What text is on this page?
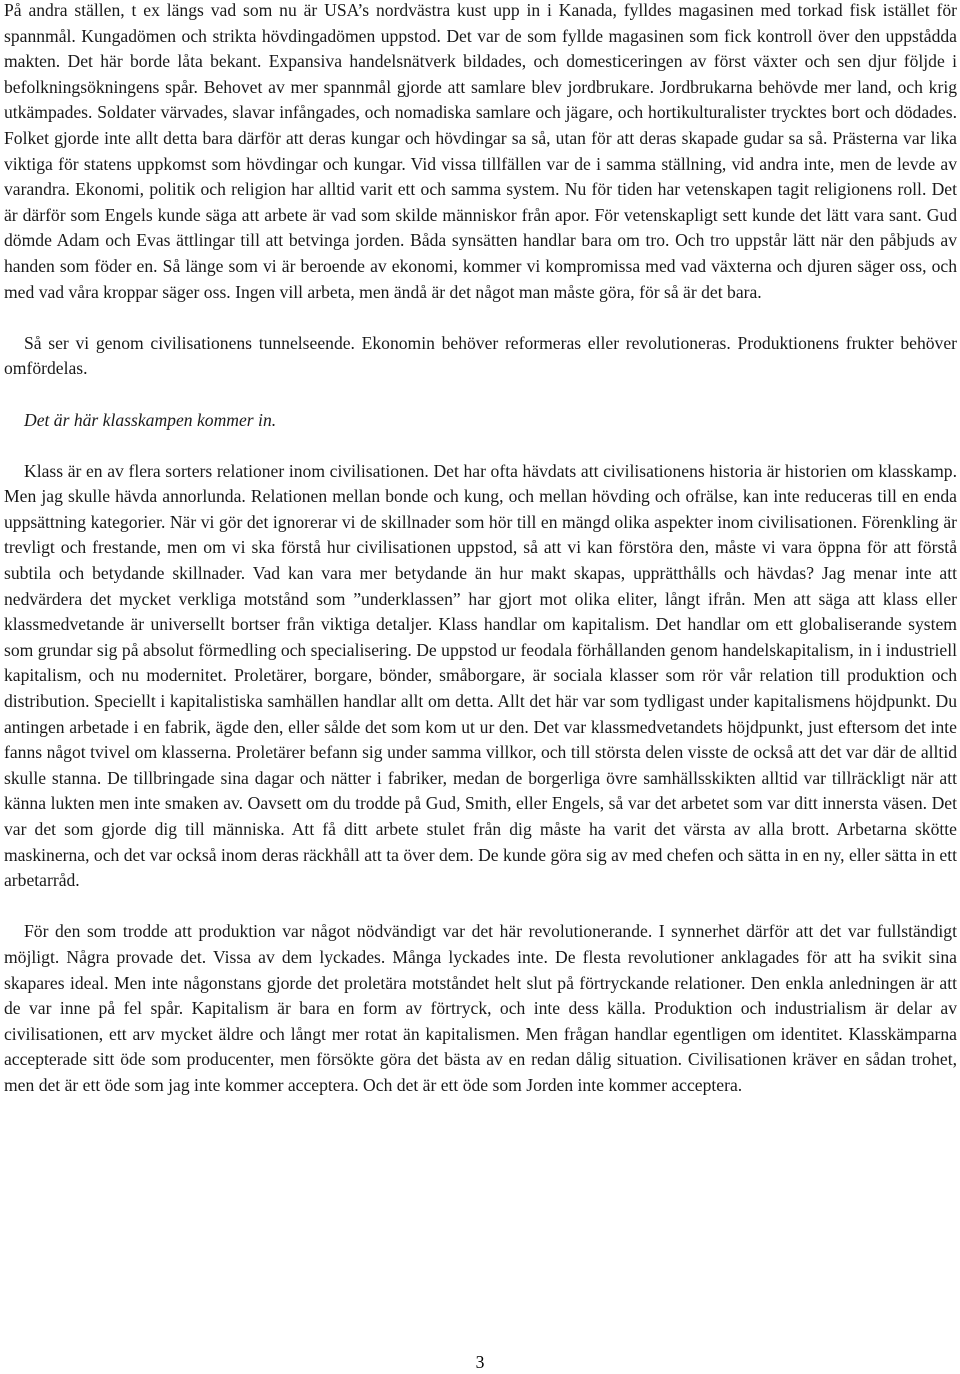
På andra ställen, t ex längs vad som nu är USA’s nordvästra kust upp in i Kanada, fylldes magasinen med torkad fisk istället för spannmål. Kungadömen och strikta hövdingadömen uppstod. Det var de som fyllde magasinen som fick kontroll över den uppstådda makten. Det här borde låta bekant. Expansiva handelsnätverk bildades, och domesticeringen av först växter och sen djur följde i befolkningsökningens spår. Behovet av mer spannmål gjorde att samlare blev jordbrukare. Jordbrukarna behövde mer land, och krig utkämpades. Soldater värvades, slavar infångades, och nomadiska samlare och jägare, och hortikulturalister trycktes bort och dödades. Folket gjorde inte allt detta bara därför att deras kungar och hövdingar sa så, utan för att deras skapade gudar sa så. Prästerna var lika viktiga för statens uppkomst som hövdingar och kungar. Vid vissa tillfällen var de i samma ställning, vid andra inte, men de levde av varandra. Ekonomi, politik och religion har alltid varit ett och samma system. Nu för tiden har vetenskapen tagit religionens roll. Det är därför som Engels kunde säga att arbete är vad som skilde människor från apor. För vetenskapligt sett kunde det lätt vara sant. Gud dömde Adam och Evas ättlingar till att betvinga jorden. Båda synsätten handlar bara om tro. Och tro uppstår lätt när den påbjuds av handen som föder en. Så länge som vi är beroende av ekonomi, kommer vi kompromissa med vad växterna och djuren säger oss, och med vad våra kroppar säger oss. Ingen vill arbeta, men ändå är det något man måste göra, för så är det bara.

Så ser vi genom civilisationens tunnelseende. Ekonomin behöver reformeras eller revolutioneras. Produktionens frukter behöver omfördelas.

Det är här klasskampen kommer in.

Klass är en av flera sorters relationer inom civilisationen. Det har ofta hävdats att civilisationens historia är historien om klasskamp. Men jag skulle hävda annorlunda. Relationen mellan bonde och kung, och mellan hövding och ofrälse, kan inte reduceras till en enda uppsättning kategorier. När vi gör det ignorerar vi de skillnader som hör till en mängd olika aspekter inom civilisationen. Förenkling är trevligt och frestande, men om vi ska förstå hur civilisationen uppstod, så att vi kan förstöra den, måste vi vara öppna för att förstå subtila och betydande skillnader. Vad kan vara mer betydande än hur makt skapas, upprätthålls och hävdas? Jag menar inte att nedvärdera det mycket verkliga motstånd som ”underklassen” har gjort mot olika eliter, långt ifrån. Men att säga att klass eller klassmedvetande är universellt bortser från viktiga detaljer. Klass handlar om kapitalism. Det handlar om ett globaliserande system som grundar sig på absolut förmedling och specialisering. De uppstod ur feodala förhållanden genom handelskapitalism, in i industriell kapitalism, och nu modernitet. Proletärer, borgare, bönder, småborgare, är sociala klasser som rör vår relation till produktion och distribution. Speciellt i kapitalistiska samhällen handlar allt om detta. Allt det här var som tydligast under kapitalismens höjdpunkt. Du antingen arbetade i en fabrik, ägde den, eller sålde det som kom ut ur den. Det var klassmedvetandets höjdpunkt, just eftersom det inte fanns något tvivel om klasserna. Proletärer befann sig under samma villkor, och till största delen visste de också att det var där de alltid skulle stanna. De tillbringade sina dagar och nätter i fabriker, medan de borgerliga övre samhällsskikten alltid var tillräckligt när att känna lukten men inte smaken av. Oavsett om du trodde på Gud, Smith, eller Engels, så var det arbetet som var ditt innersta väsen. Det var det som gjorde dig till människa. Att få ditt arbete stulet från dig måste ha varit det värsta av alla brott. Arbetarna skötte maskinerna, och det var också inom deras räckhåll att ta över dem. De kunde göra sig av med chefen och sätta in en ny, eller sätta in ett arbetarråd.

För den som trodde att produktion var något nödvändigt var det här revolutionerande. I synnerhet därför att det var fullständigt möjligt. Några provade det. Vissa av dem lyckades. Många lyckades inte. De flesta revolutioner anklagades för att ha svikit sina skapares ideal. Men inte någonstans gjorde det proletära motståndet helt slut på förtryckande relationer. Den enkla anledningen är att de var inne på fel spår. Kapitalism är bara en form av förtryck, och inte dess källa. Produktion och industrialism är delar av civilisationen, ett arv mycket äldre och långt mer rotat än kapitalismen. Men frågan handlar egentligen om identitet. Klasskämparna accepterade sitt öde som producenter, men försökte göra det bästa av en redan dålig situation. Civilisationen kräver en sådan trohet, men det är ett öde som jag inte kommer acceptera. Och det är ett öde som Jorden inte kommer acceptera.

3
